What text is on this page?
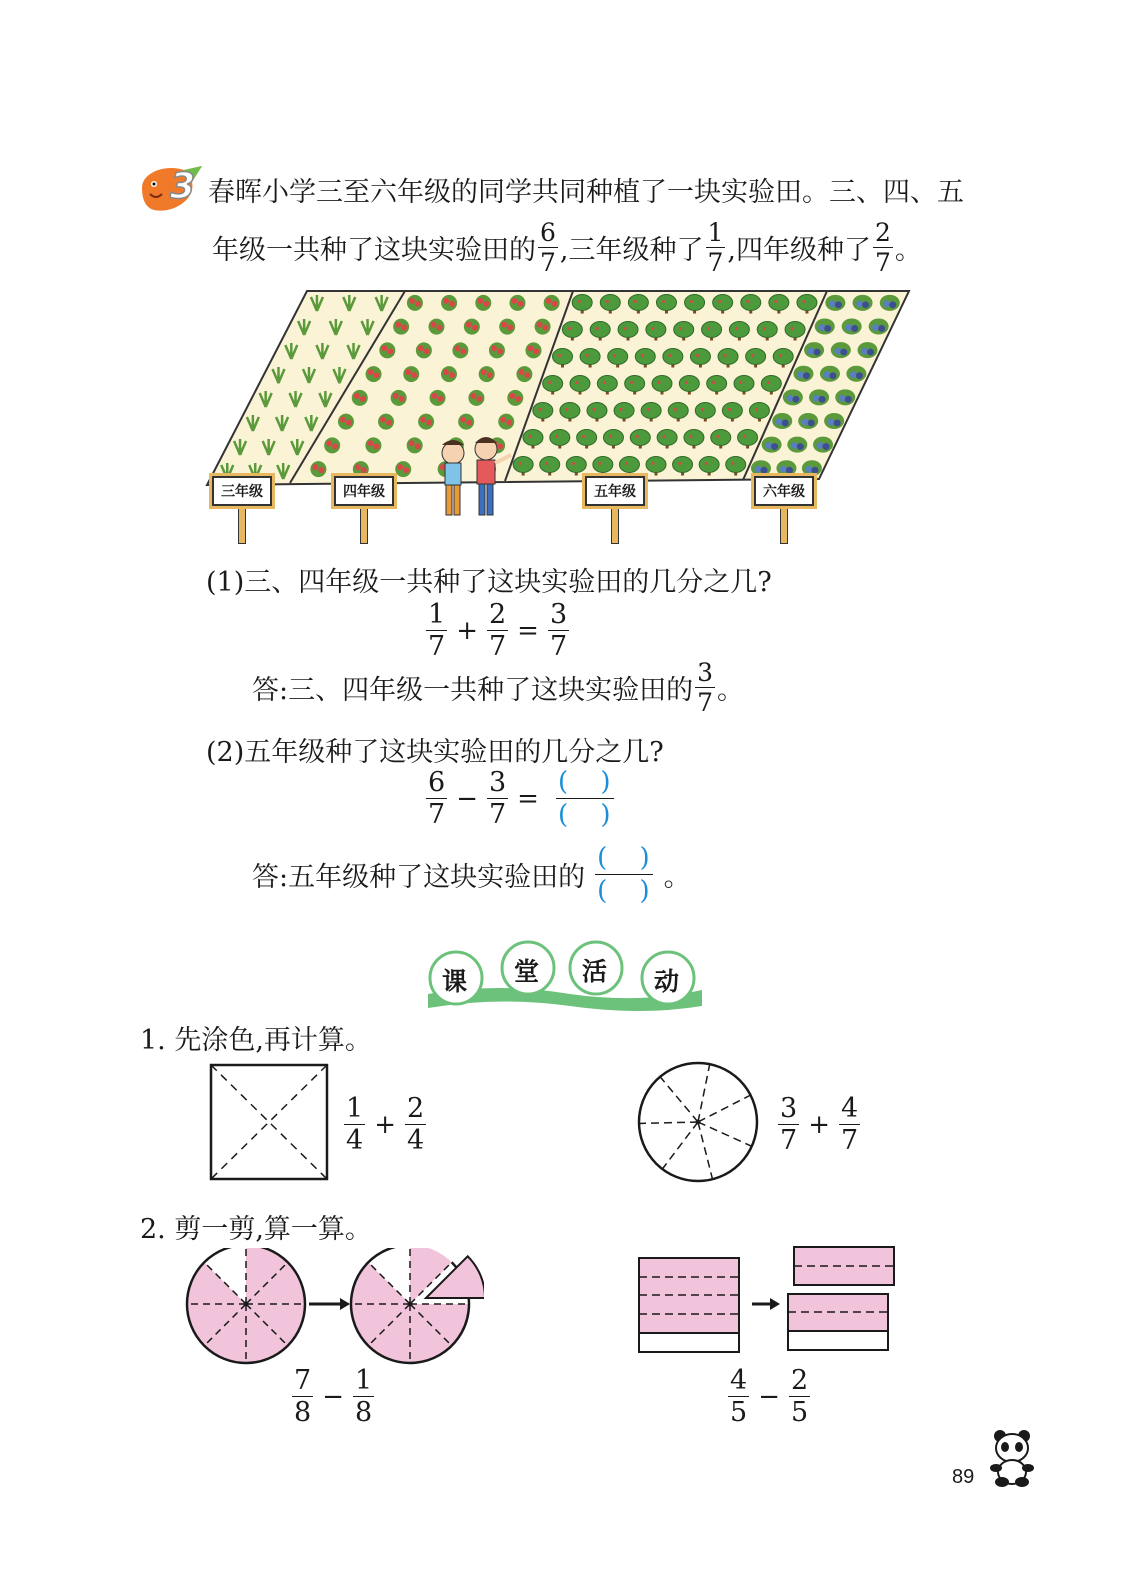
3 春晖小学三至六年级的同学共同种植了一块实验田。三、四、五
年级一共种了这块实验田的 $\frac{6}{7}$ ,三年级种了 $\frac{1}{7}$ ,四年级种了 $\frac{2}{7}$ 。
三年级	四年级	五年级	六年级
(1)三、四年级一共种了这块实验田的几分之几?
$\frac{1}{7} + \frac{2}{7} = \frac{3}{7}$
答:三、四年级一共种了这块实验田的 $\frac{3}{7}$ 。
(2)五年级种了这块实验田的几分之几?
$\frac{6}{7} - \frac{3}{7} = \frac{( )}{( )}$
答:五年级种了这块实验田的 $\frac{( )}{( )}$ 。
课 堂 活 动
1. 先涂色,再计算。
$\frac{1}{4} + \frac{2}{4}$	$\frac{3}{7} + \frac{4}{7}$
2. 剪一剪,算一算。
$\frac{7}{8} - \frac{1}{8}$	$\frac{4}{5} - \frac{2}{5}$
89
